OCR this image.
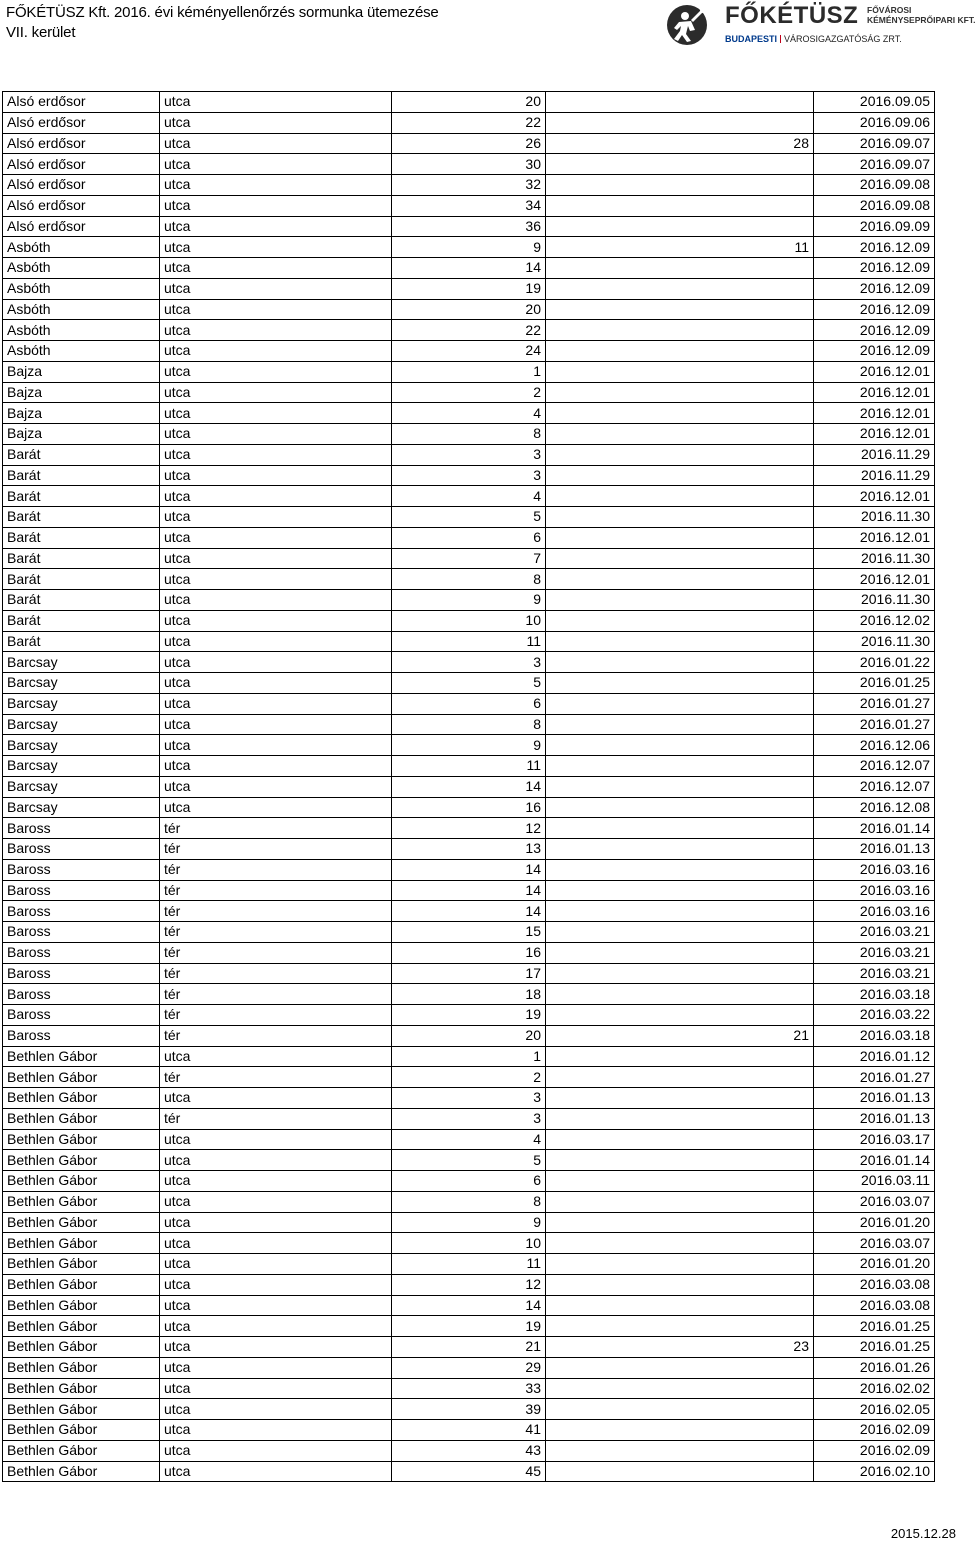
FŐKÉTÜSZ Kft. 2016. évi kéményellenőrzés sormunka ütemezése
VII. kerület
FŐKÉTÜSZ FŐVÁROSI
KÉMÉNYSEPRŐIPARI KFT.
BUDAPESTI VÁROSIGAZGATÓSÁG ZRT.
Alsó erdősor	utca	20		2016.09.05
Alsó erdősor	utca	22		2016.09.06
Alsó erdősor	utca	26	28	2016.09.07
Alsó erdősor	utca	30		2016.09.07
Alsó erdősor	utca	32		2016.09.08
Alsó erdősor	utca	34		2016.09.08
Alsó erdősor	utca	36		2016.09.09
Asbóth	utca	9	11	2016.12.09
Asbóth	utca	14		2016.12.09
Asbóth	utca	19		2016.12.09
Asbóth	utca	20		2016.12.09
Asbóth	utca	22		2016.12.09
Asbóth	utca	24		2016.12.09
Bajza	utca	1		2016.12.01
Bajza	utca	2		2016.12.01
Bajza	utca	4		2016.12.01
Bajza	utca	8		2016.12.01
Barát	utca	3		2016.11.29
Barát	utca	3		2016.11.29
Barát	utca	4		2016.12.01
Barát	utca	5		2016.11.30
Barát	utca	6		2016.12.01
Barát	utca	7		2016.11.30
Barát	utca	8		2016.12.01
Barát	utca	9		2016.11.30
Barát	utca	10		2016.12.02
Barát	utca	11		2016.11.30
Barcsay	utca	3		2016.01.22
Barcsay	utca	5		2016.01.25
Barcsay	utca	6		2016.01.27
Barcsay	utca	8		2016.01.27
Barcsay	utca	9		2016.12.06
Barcsay	utca	11		2016.12.07
Barcsay	utca	14		2016.12.07
Barcsay	utca	16		2016.12.08
Baross	tér	12		2016.01.14
Baross	tér	13		2016.01.13
Baross	tér	14		2016.03.16
Baross	tér	14		2016.03.16
Baross	tér	14		2016.03.16
Baross	tér	15		2016.03.21
Baross	tér	16		2016.03.21
Baross	tér	17		2016.03.21
Baross	tér	18		2016.03.18
Baross	tér	19		2016.03.22
Baross	tér	20	21	2016.03.18
Bethlen Gábor	utca	1		2016.01.12
Bethlen Gábor	tér	2		2016.01.27
Bethlen Gábor	utca	3		2016.01.13
Bethlen Gábor	tér	3		2016.01.13
Bethlen Gábor	utca	4		2016.03.17
Bethlen Gábor	utca	5		2016.01.14
Bethlen Gábor	utca	6		2016.03.11
Bethlen Gábor	utca	8		2016.03.07
Bethlen Gábor	utca	9		2016.01.20
Bethlen Gábor	utca	10		2016.03.07
Bethlen Gábor	utca	11		2016.01.20
Bethlen Gábor	utca	12		2016.03.08
Bethlen Gábor	utca	14		2016.03.08
Bethlen Gábor	utca	19		2016.01.25
Bethlen Gábor	utca	21	23	2016.01.25
Bethlen Gábor	utca	29		2016.01.26
Bethlen Gábor	utca	33		2016.02.02
Bethlen Gábor	utca	39		2016.02.05
Bethlen Gábor	utca	41		2016.02.09
Bethlen Gábor	utca	43		2016.02.09
Bethlen Gábor	utca	45		2016.02.10
2015.12.28
